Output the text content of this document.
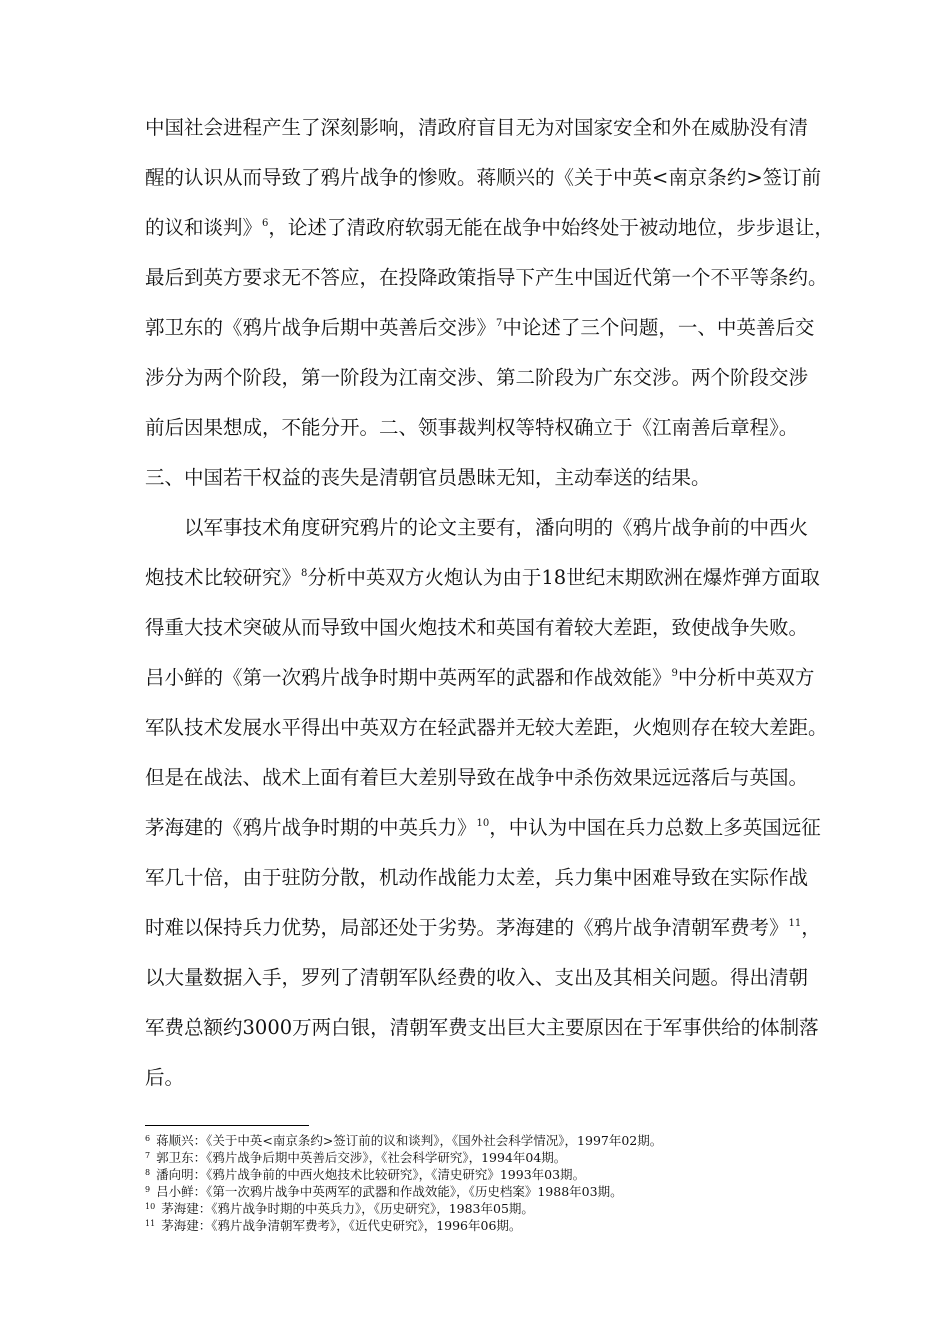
中国社会进程产生了深刻影响，清政府盲目无为对国家安全和外在威胁没有清
醒的认识从而导致了鸦片战争的惨败。蒋顺兴的《关于中英<南京条约>签订前
的议和谈判》$^6$，论述了清政府软弱无能在战争中始终处于被动地位，步步退让，
最后到英方要求无不答应，在投降政策指导下产生中国近代第一个不平等条约。
郭卫东的《鸦片战争后期中英善后交涉》$^7$中论述了三个问题，一、中英善后交
涉分为两个阶段，第一阶段为江南交涉、第二阶段为广东交涉。两个阶段交涉
前后因果想成，不能分开。二、领事裁判权等特权确立于《江南善后章程》。
三、中国若干权益的丧失是清朝官员愚昧无知，主动奉送的结果。
　　以军事技术角度研究鸦片的论文主要有，潘向明的《鸦片战争前的中西火
炮技术比较研究》$^8$分析中英双方火炮认为由于18世纪末期欧洲在爆炸弹方面取
得重大技术突破从而导致中国火炮技术和英国有着较大差距，致使战争失败。
吕小鲜的《第一次鸦片战争时期中英两军的武器和作战效能》$^9$中分析中英双方
军队技术发展水平得出中英双方在轻武器并无较大差距，火炮则存在较大差距。
但是在战法、战术上面有着巨大差别导致在战争中杀伤效果远远落后与英国。
茅海建的《鸦片战争时期的中英兵力》$^{10}$，中认为中国在兵力总数上多英国远征
军几十倍，由于驻防分散，机动作战能力太差，兵力集中困难导致在实际作战
时难以保持兵力优势，局部还处于劣势。茅海建的《鸦片战争清朝军费考》$^{11}$，
以大量数据入手，罗列了清朝军队经费的收入、支出及其相关问题。得出清朝
军费总额约3000万两白银，清朝军费支出巨大主要原因在于军事供给的体制落
后。
$^6$ 蒋顺兴：《关于中英<南京条约>签订前的议和谈判》，《国外社会科学情况》，1997年02期。
$^7$ 郭卫东：《鸦片战争后期中英善后交涉》，《社会科学研究》，1994年04期。
$^8$ 潘向明：《鸦片战争前的中西火炮技术比较研究》，《清史研究》1993年03期。
$^9$ 吕小鲜：《第一次鸦片战争中英两军的武器和作战效能》，《历史档案》1988年03期。
$^{10}$ 茅海建：《鸦片战争时期的中英兵力》，《历史研究》，1983年05期。
$^{11}$ 茅海建：《鸦片战争清朝军费考》，《近代史研究》，1996年06期。
